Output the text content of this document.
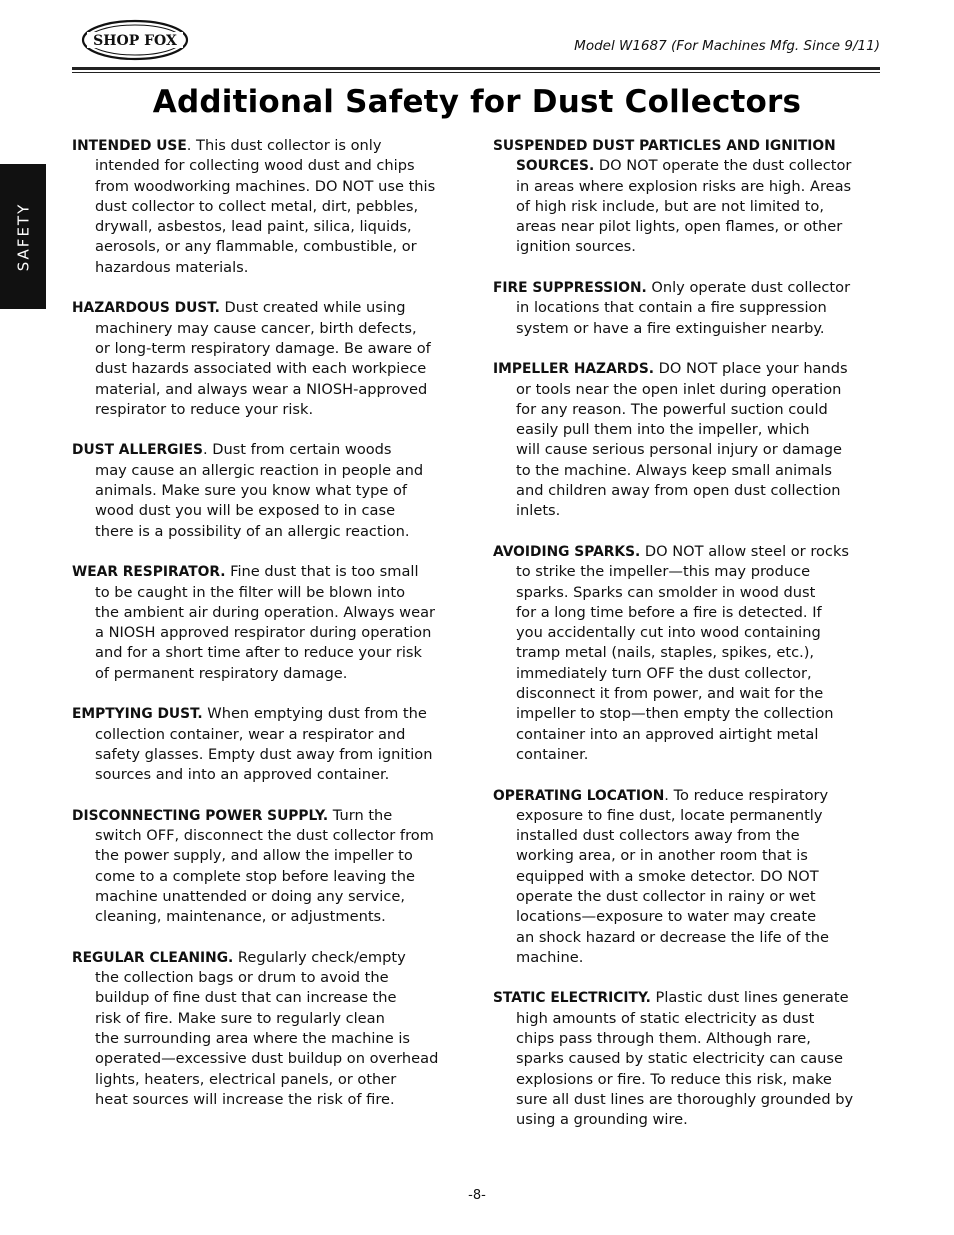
SHOP FOX	Model W1687 (For Machines Mfg. Since 9/11)
SAFETY
Additional Safety for Dust Collectors

INTENDED USE. This dust collector is only
intended for collecting wood dust and chips
from woodworking machines. DO NOT use this
dust collector to collect metal, dirt, pebbles,
drywall, asbestos, lead paint, silica, liquids,
aerosols, or any flammable, combustible, or
hazardous materials.

HAZARDOUS DUST. Dust created while using
machinery may cause cancer, birth defects,
or long-term respiratory damage. Be aware of
dust hazards associated with each workpiece
material, and always wear a NIOSH-approved
respirator to reduce your risk.

DUST ALLERGIES. Dust from certain woods
may cause an allergic reaction in people and
animals. Make sure you know what type of
wood dust you will be exposed to in case
there is a possibility of an allergic reaction.

WEAR RESPIRATOR. Fine dust that is too small
to be caught in the filter will be blown into
the ambient air during operation. Always wear
a NIOSH approved respirator during operation
and for a short time after to reduce your risk
of permanent respiratory damage.

EMPTYING DUST. When emptying dust from the
collection container, wear a respirator and
safety glasses. Empty dust away from ignition
sources and into an approved container.

DISCONNECTING POWER SUPPLY. Turn the
switch OFF, disconnect the dust collector from
the power supply, and allow the impeller to
come to a complete stop before leaving the
machine unattended or doing any service,
cleaning, maintenance, or adjustments.

REGULAR CLEANING. Regularly check/empty
the collection bags or drum to avoid the
buildup of fine dust that can increase the
risk of fire. Make sure to regularly clean
the surrounding area where the machine is
operated—excessive dust buildup on overhead
lights, heaters, electrical panels, or other
heat sources will increase the risk of fire.

SUSPENDED DUST PARTICLES AND IGNITION
SOURCES. DO NOT operate the dust collector
in areas where explosion risks are high. Areas
of high risk include, but are not limited to,
areas near pilot lights, open flames, or other
ignition sources.

FIRE SUPPRESSION. Only operate dust collector
in locations that contain a fire suppression
system or have a fire extinguisher nearby.

IMPELLER HAZARDS. DO NOT place your hands
or tools near the open inlet during operation
for any reason. The powerful suction could
easily pull them into the impeller, which
will cause serious personal injury or damage
to the machine. Always keep small animals
and children away from open dust collection
inlets.

AVOIDING SPARKS. DO NOT allow steel or rocks
to strike the impeller—this may produce
sparks. Sparks can smolder in wood dust
for a long time before a fire is detected. If
you accidentally cut into wood containing
tramp metal (nails, staples, spikes, etc.),
immediately turn OFF the dust collector,
disconnect it from power, and wait for the
impeller to stop—then empty the collection
container into an approved airtight metal
container.

OPERATING LOCATION. To reduce respiratory
exposure to fine dust, locate permanently
installed dust collectors away from the
working area, or in another room that is
equipped with a smoke detector. DO NOT
operate the dust collector in rainy or wet
locations—exposure to water may create
an shock hazard or decrease the life of the
machine.

STATIC ELECTRICITY. Plastic dust lines generate
high amounts of static electricity as dust
chips pass through them. Although rare,
sparks caused by static electricity can cause
explosions or fire. To reduce this risk, make
sure all dust lines are thoroughly grounded by
using a grounding wire.

-8-
